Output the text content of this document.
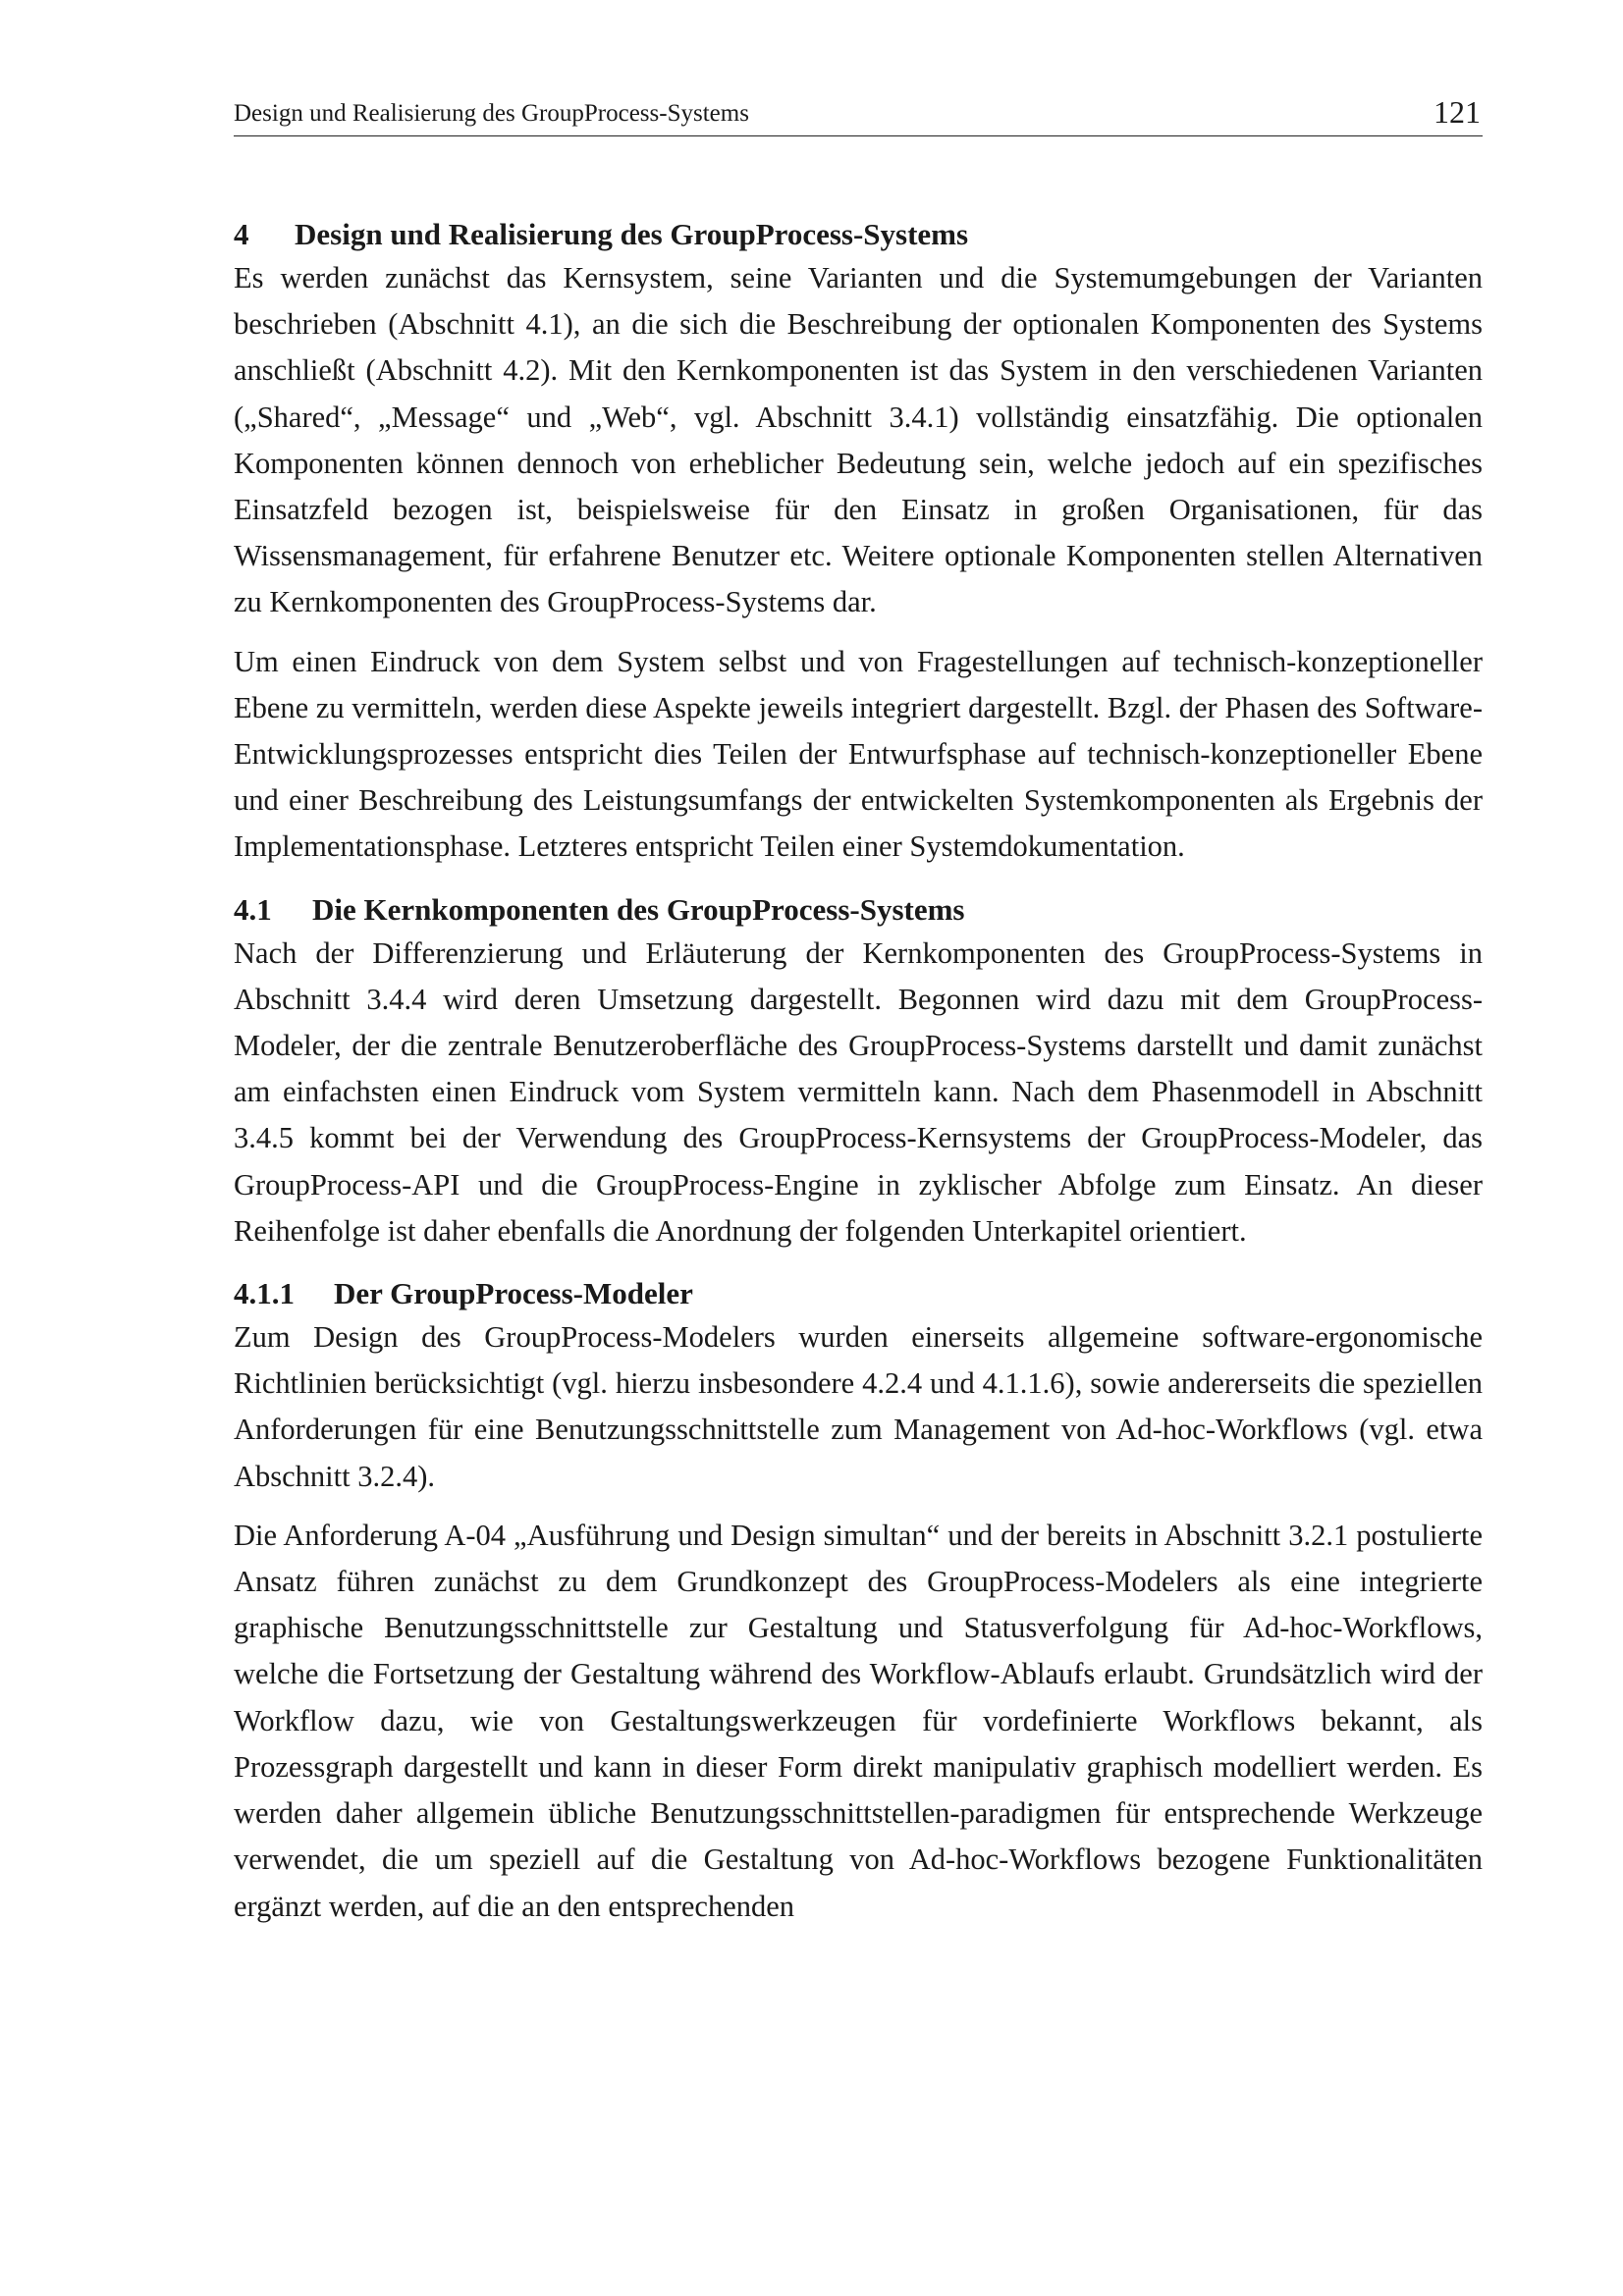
Design und Realisierung des GroupProcess-Systems	121
4	Design und Realisierung des GroupProcess-Systems

Es werden zunächst das Kernsystem, seine Varianten und die Systemumgebungen der Varianten beschrieben (Abschnitt 4.1), an die sich die Beschreibung der optionalen Komponenten des Systems anschließt (Abschnitt 4.2). Mit den Kernkomponenten ist das System in den verschiedenen Varianten („Shared“, „Message“ und „Web“, vgl. Abschnitt 3.4.1) vollständig einsatzfähig. Die optionalen Komponenten können dennoch von erheblicher Bedeutung sein, welche jedoch auf ein spezifisches Einsatzfeld bezogen ist, beispielsweise für den Einsatz in großen Organisationen, für das Wissensmanagement, für erfahrene Benutzer etc. Weitere optionale Komponenten stellen Alternativen zu Kernkomponenten des GroupProcess-Systems dar.

Um einen Eindruck von dem System selbst und von Fragestellungen auf technisch-konzeptioneller Ebene zu vermitteln, werden diese Aspekte jeweils integriert dargestellt. Bzgl. der Phasen des Software-Entwicklungsprozesses entspricht dies Teilen der Entwurfsphase auf technisch-konzeptioneller Ebene und einer Beschreibung des Leistungsumfangs der entwickelten Systemkomponenten als Ergebnis der Implementationsphase. Letzteres entspricht Teilen einer Systemdokumentation.

4.1	Die Kernkomponenten des GroupProcess-Systems

Nach der Differenzierung und Erläuterung der Kernkomponenten des GroupProcess-Systems in Abschnitt 3.4.4 wird deren Umsetzung dargestellt. Begonnen wird dazu mit dem GroupProcess-Modeler, der die zentrale Benutzeroberfläche des GroupProcess-Systems darstellt und damit zunächst am einfachsten einen Eindruck vom System vermitteln kann. Nach dem Phasenmodell in Abschnitt 3.4.5 kommt bei der Verwendung des GroupProcess-Kernsystems der GroupProcess-Modeler, das GroupProcess-API und die GroupProcess-Engine in zyklischer Abfolge zum Einsatz. An dieser Reihenfolge ist daher ebenfalls die Anordnung der folgenden Unterkapitel orientiert.

4.1.1	Der GroupProcess-Modeler

Zum Design des GroupProcess-Modelers wurden einerseits allgemeine software-ergonomische Richtlinien berücksichtigt (vgl. hierzu insbesondere 4.2.4 und 4.1.1.6), sowie andererseits die speziellen Anforderungen für eine Benutzungsschnittstelle zum Management von Ad-hoc-Workflows (vgl. etwa Abschnitt 3.2.4).

Die Anforderung A-04 „Ausführung und Design simultan“ und der bereits in Abschnitt 3.2.1 postulierte Ansatz führen zunächst zu dem Grundkonzept des GroupProcess-Modelers als eine integrierte graphische Benutzungsschnittstelle zur Gestaltung und Statusverfolgung für Ad-hoc-Workflows, welche die Fortsetzung der Gestaltung während des Workflow-Ablaufs erlaubt. Grundsätzlich wird der Workflow dazu, wie von Gestaltungswerkzeugen für vordefinierte Workflows bekannt, als Prozessgraph dargestellt und kann in dieser Form direkt manipulativ graphisch modelliert werden. Es werden daher allgemein übliche Benutzungsschnittstellen-paradigmen für entsprechende Werkzeuge verwendet, die um speziell auf die Gestaltung von Ad-hoc-Workflows bezogene Funktionalitäten ergänzt werden, auf die an den entsprechenden
